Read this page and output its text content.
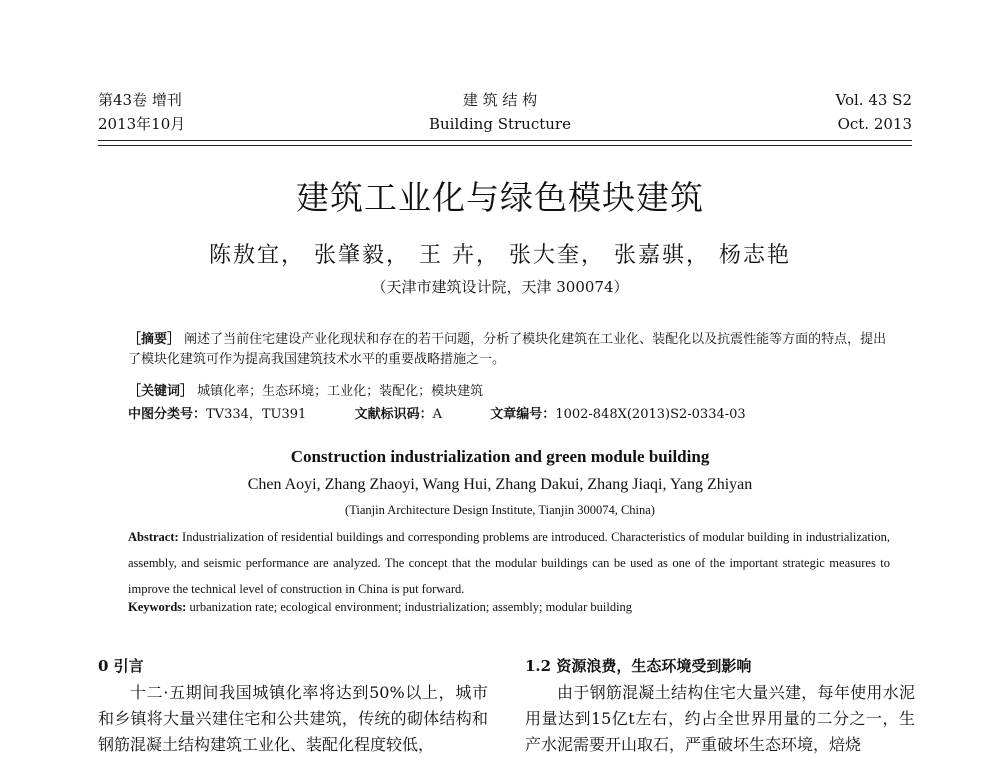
第43卷 增刊
2013年10月
建 筑 结 构
Building Structure
Vol. 43 S2
Oct. 2013
建筑工业化与绿色模块建筑
陈敖宜， 张肇毅， 王 卉， 张大奎， 张嘉骐， 杨志艳
（天津市建筑设计院，天津 300074）
［摘要］ 阐述了当前住宅建设产业化现状和存在的若干问题，分析了模块化建筑在工业化、装配化以及抗震性能等方面的特点，提出了模块化建筑可作为提高我国建筑技术水平的重要战略措施之一。
［关键词］ 城镇化率；生态环境；工业化；装配化；模块建筑
中图分类号：TV334，TU391	文献标识码：A	文章编号：1002-848X(2013)S2-0334-03
Construction industrialization and green module building
Chen Aoyi, Zhang Zhaoyi, Wang Hui, Zhang Dakui, Zhang Jiaqi, Yang Zhiyan
(Tianjin Architecture Design Institute, Tianjin 300074, China)
Abstract: Industrialization of residential buildings and corresponding problems are introduced. Characteristics of modular building in industrialization, assembly, and seismic performance are analyzed. The concept that the modular buildings can be used as one of the important strategic measures to improve the technical level of construction in China is put forward.
Keywords: urbanization rate; ecological environment; industrialization; assembly; modular building
0 引言

十二·五期间我国城镇化率将达到50%以上，城市和乡镇将大量兴建住宅和公共建筑，传统的砌体结构和钢筋混凝土结构建筑工业化、装配化程度较低，

1.2 资源浪费，生态环境受到影响

由于钢筋混凝土结构住宅大量兴建，每年使用水泥用量达到15亿t左右，约占全世界用量的二分之一，生产水泥需要开山取石，严重破坏生态环境，焙烧
